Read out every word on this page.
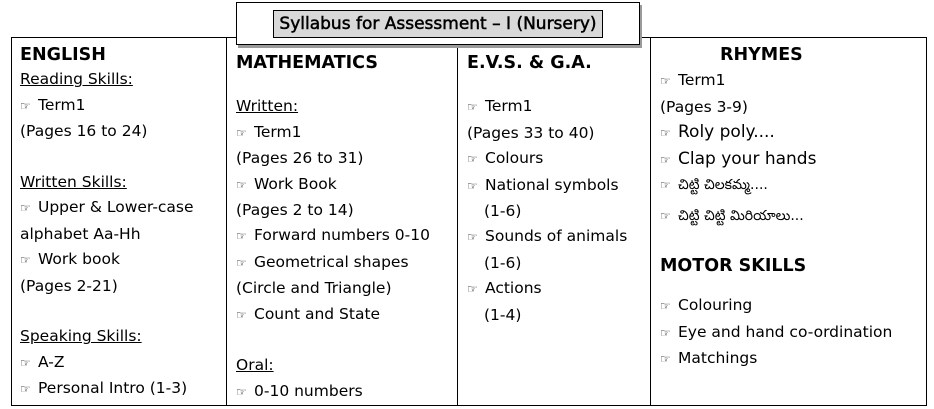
Syllabus for Assessment – I (Nursery)
ENGLISH
Reading Skills:
☞ Term1
(Pages 16 to 24)
Written Skills:
☞ Upper & Lower-case
alphabet Aa-Hh
☞ Work book
(Pages 2-21)
Speaking Skills:
☞ A-Z
☞ Personal Intro (1-3)
MATHEMATICS
Written:
☞ Term1
(Pages 26 to 31)
☞ Work Book
(Pages 2 to 14)
☞ Forward numbers 0-10
☞ Geometrical shapes
(Circle and Triangle)
☞ Count and State
Oral:
☞ 0-10 numbers
E.V.S. & G.A.
☞ Term1
(Pages 33 to 40)
☞ Colours
☞ National symbols
(1-6)
☞ Sounds of animals
(1-6)
☞ Actions
(1-4)
RHYMES
☞ Term1
(Pages 3-9)
☞ Roly poly....
☞ Clap your hands
☞ చిట్టి చిలకమ్మ....
☞ చిట్టి చిట్టి మిరియాలు...
MOTOR SKILLS
☞ Colouring
☞ Eye and hand co-ordination
☞ Matchings
